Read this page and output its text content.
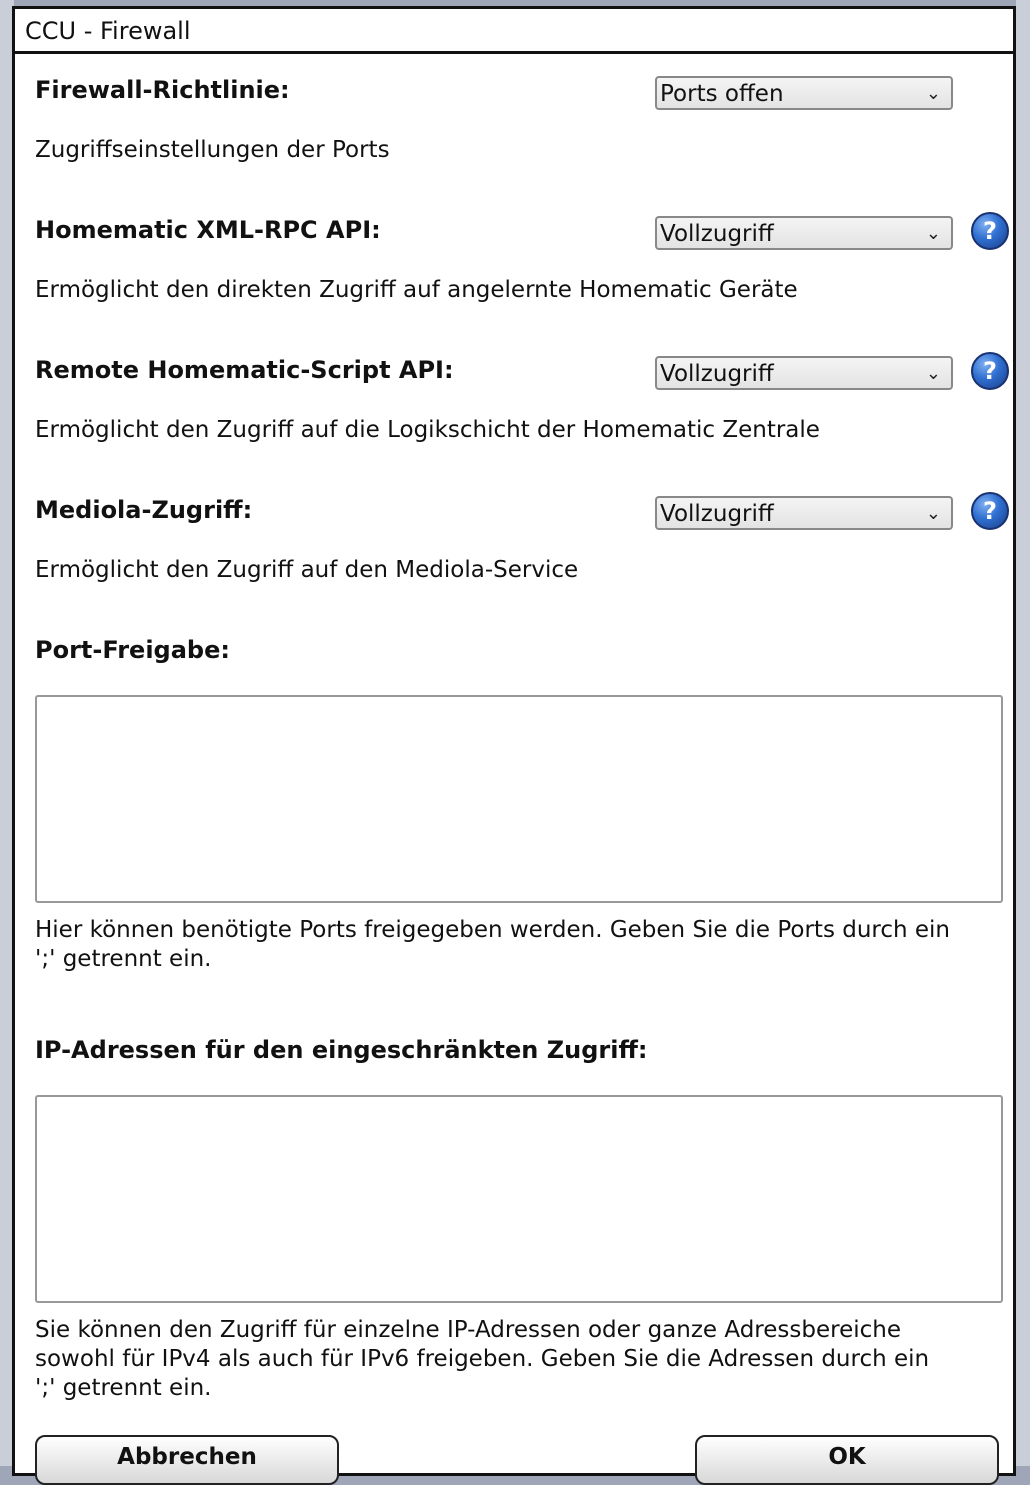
CCU - Firewall
Firewall-Richtlinie:	Ports offen	⌄
Zugriffseinstellungen der Ports
Homematic XML-RPC API:	Vollzugriff	⌄	?
Ermöglicht den direkten Zugriff auf angelernte Homematic Geräte
Remote Homematic-Script API:	Vollzugriff	⌄	?
Ermöglicht den Zugriff auf die Logikschicht der Homematic Zentrale
Mediola-Zugriff:	Vollzugriff	⌄	?
Ermöglicht den Zugriff auf den Mediola-Service
Port-Freigabe:
Hier können benötigte Ports freigegeben werden. Geben Sie die Ports durch ein
';' getrennt ein.
IP-Adressen für den eingeschränkten Zugriff:
Sie können den Zugriff für einzelne IP-Adressen oder ganze Adressbereiche
sowohl für IPv4 als auch für IPv6 freigeben. Geben Sie die Adressen durch ein
';' getrennt ein.
Abbrechen	OK
